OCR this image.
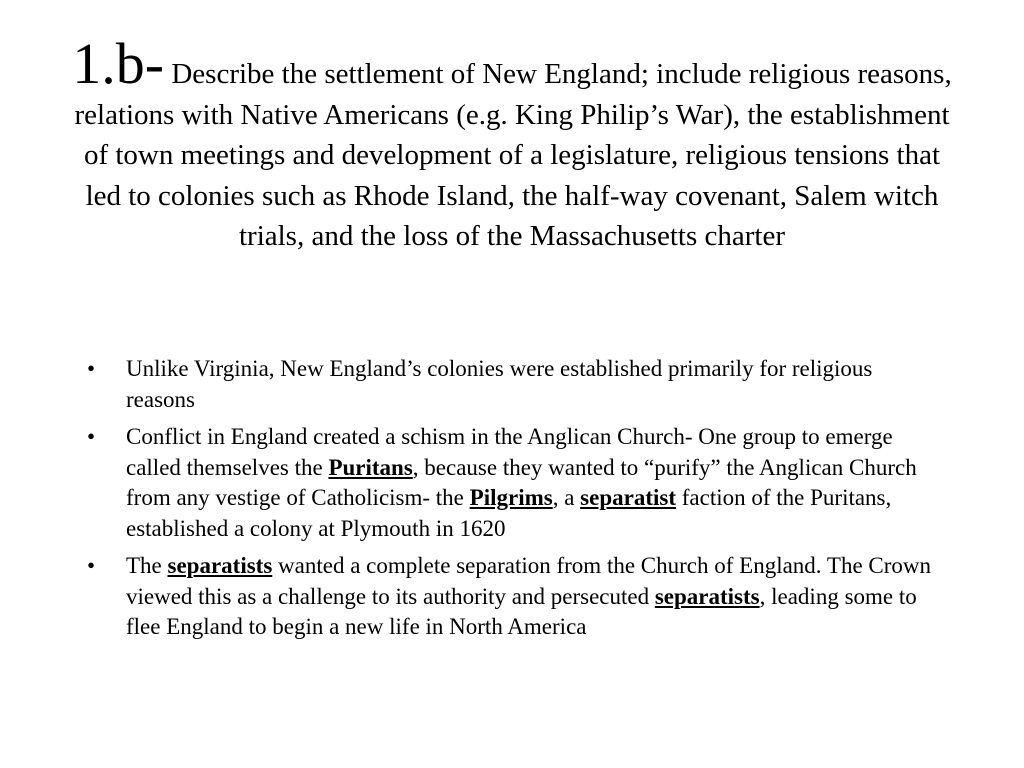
1.b- Describe the settlement of New England; include religious reasons, relations with Native Americans (e.g. King Philip’s War), the establishment of town meetings and development of a legislature, religious tensions that led to colonies such as Rhode Island, the half-way covenant, Salem witch trials, and the loss of the Massachusetts charter
• Unlike Virginia, New England’s colonies were established primarily for religious reasons
• Conflict in England created a schism in the Anglican Church- One group to emerge called themselves the Puritans, because they wanted to “purify” the Anglican Church from any vestige of Catholicism- the Pilgrims, a separatist faction of the Puritans, established a colony at Plymouth in 1620
• The separatists wanted a complete separation from the Church of England. The Crown viewed this as a challenge to its authority and persecuted separatists, leading some to flee England to begin a new life in North America
